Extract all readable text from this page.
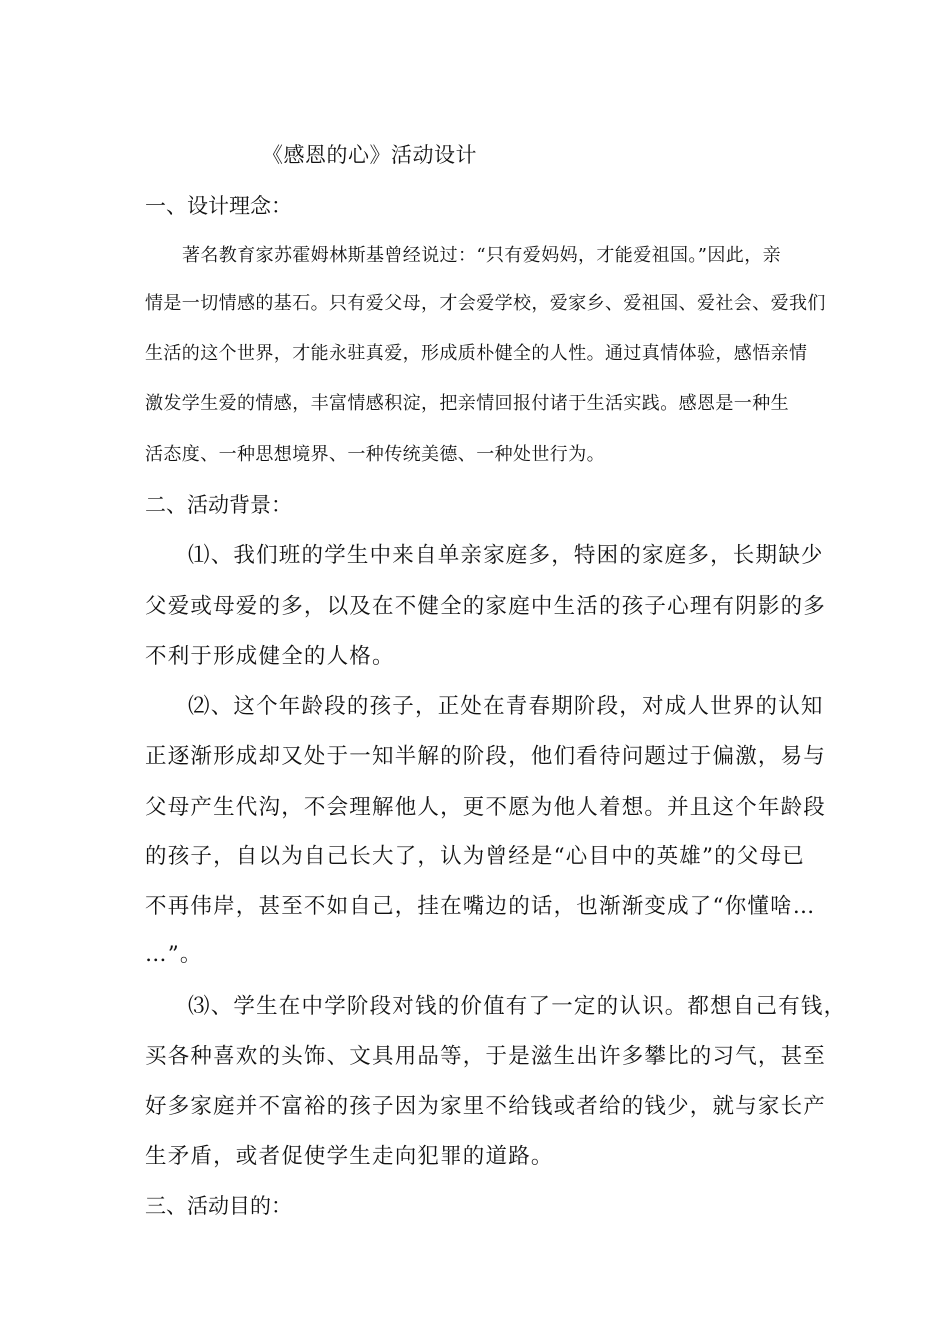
《感恩的心》活动设计
一、设计理念：
著名教育家苏霍姆林斯基曾经说过：“只有爱妈妈，才能爱祖国。”因此，亲
情是一切情感的基石。只有爱父母，才会爱学校，爱家乡、爱祖国、爱社会、爱我们
生活的这个世界，才能永驻真爱，形成质朴健全的人性。通过真情体验，感悟亲情
激发学生爱的情感，丰富情感积淀，把亲情回报付诸于生活实践。感恩是一种生
活态度、一种思想境界、一种传统美德、一种处世行为。
二、活动背景：
⑴、我们班的学生中来自单亲家庭多，特困的家庭多，长期缺少
父爱或母爱的多，以及在不健全的家庭中生活的孩子心理有阴影的多
不利于形成健全的人格。
⑵、这个年龄段的孩子，正处在青春期阶段，对成人世界的认知
正逐渐形成却又处于一知半解的阶段，他们看待问题过于偏激，易与
父母产生代沟，不会理解他人，更不愿为他人着想。并且这个年龄段
的孩子，自以为自己长大了，认为曾经是“心目中的英雄”的父母已
不再伟岸，甚至不如自己，挂在嘴边的话，也渐渐变成了“你懂啥…
…”。
⑶、学生在中学阶段对钱的价值有了一定的认识。都想自己有钱，
买各种喜欢的头饰、文具用品等，于是滋生出许多攀比的习气，甚至
好多家庭并不富裕的孩子因为家里不给钱或者给的钱少，就与家长产
生矛盾，或者促使学生走向犯罪的道路。
三、活动目的：
